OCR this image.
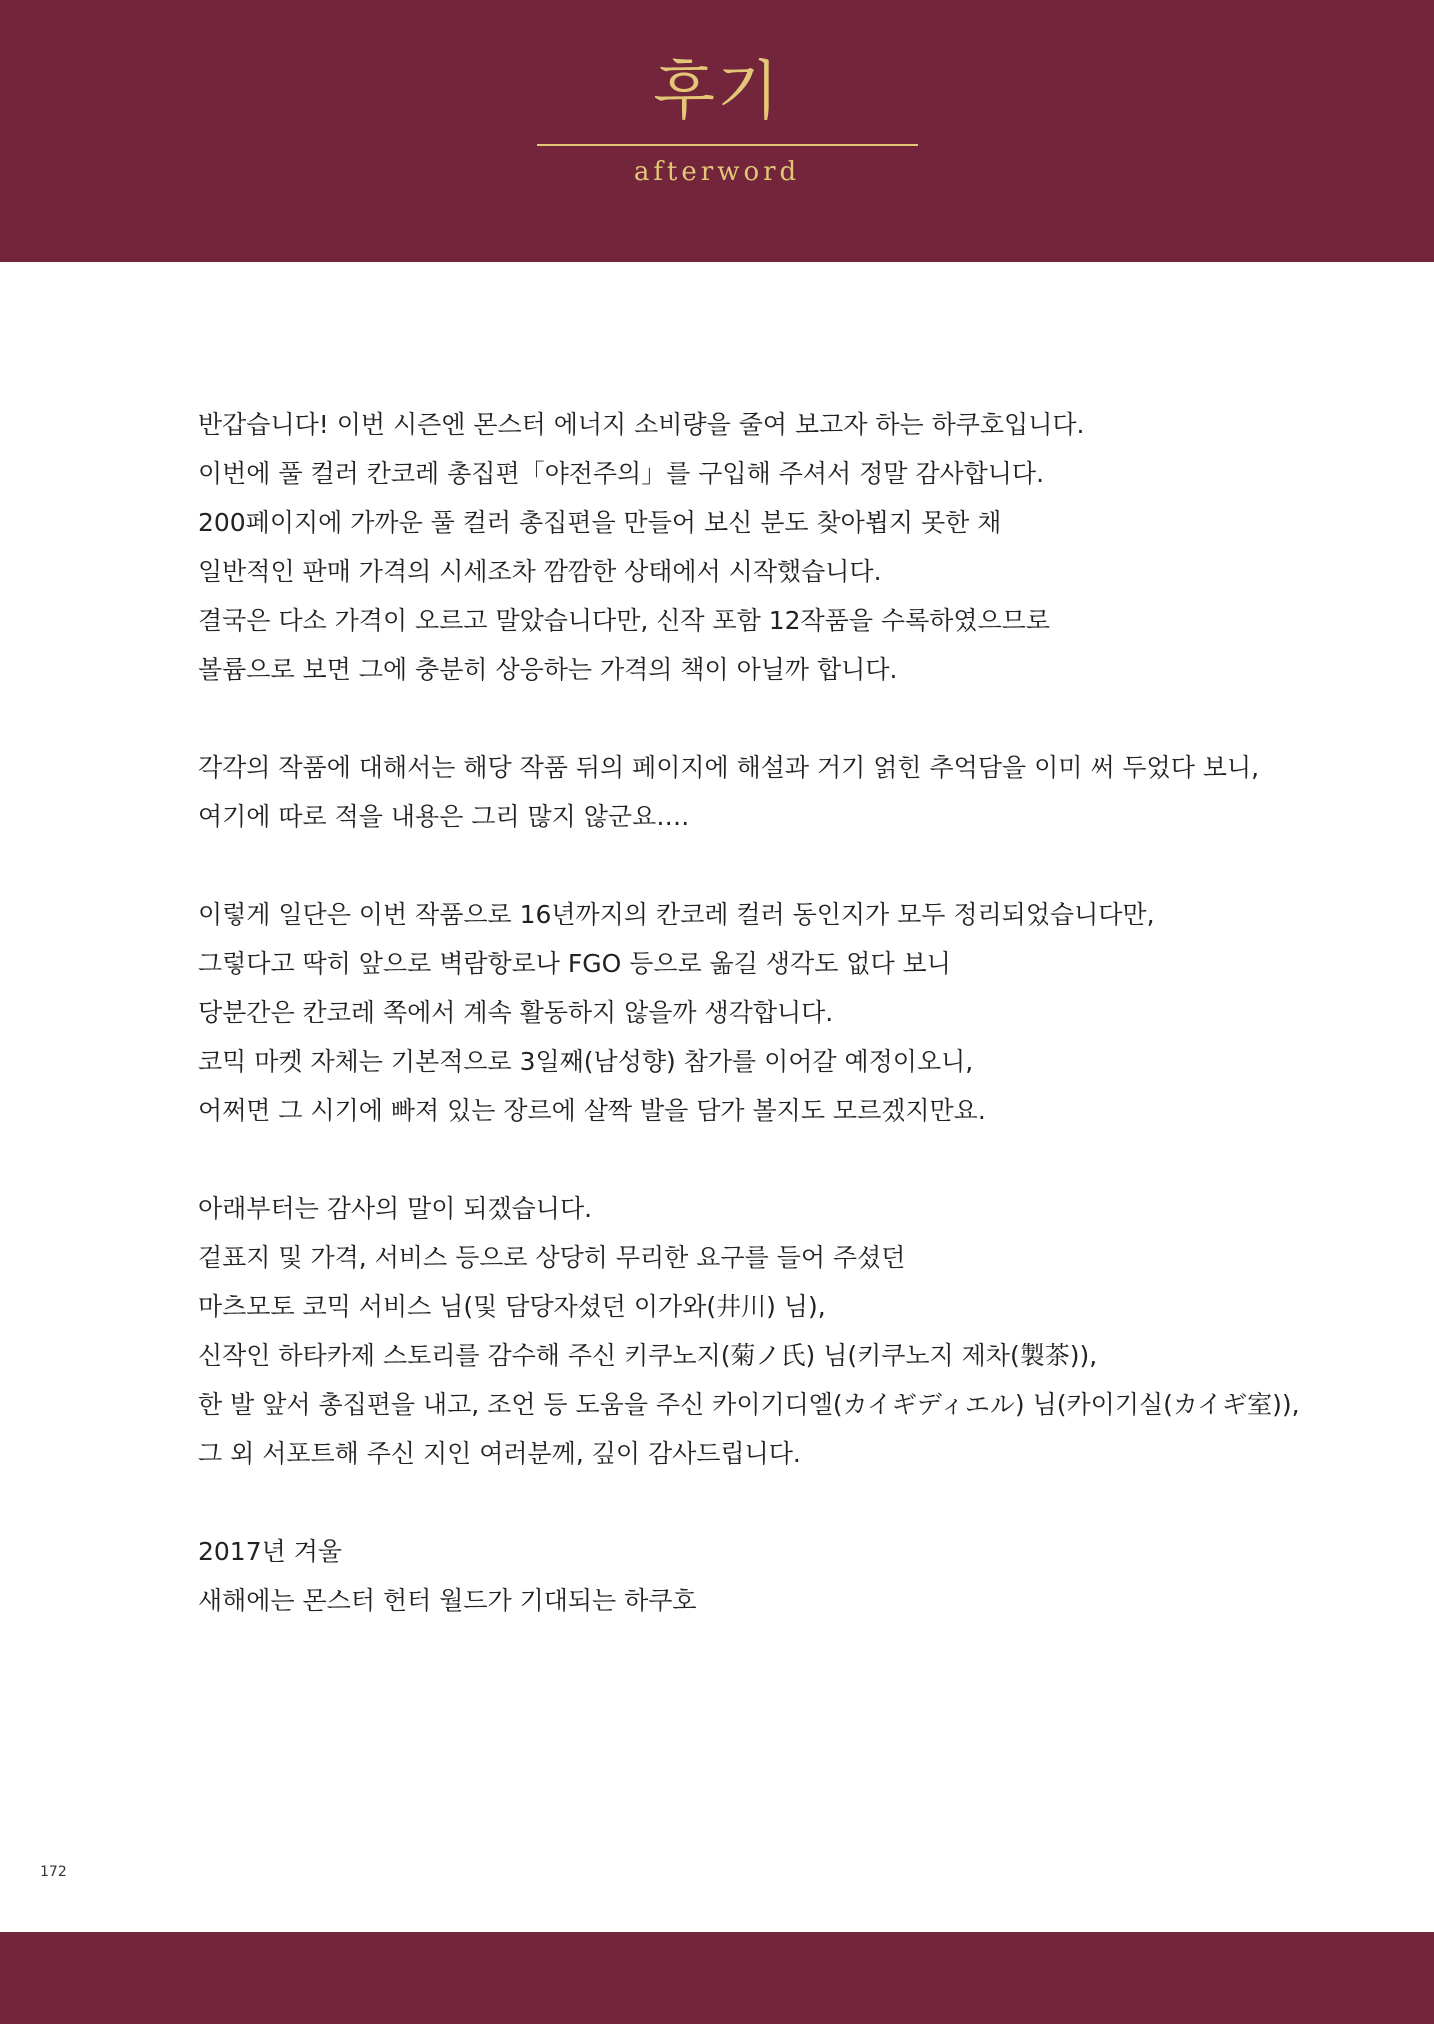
후기
afterword
반갑습니다! 이번 시즌엔 몬스터 에너지 소비량을 줄여 보고자 하는 하쿠호입니다.
이번에 풀 컬러 칸코레 총집편「야전주의」를 구입해 주셔서 정말 감사합니다.
200페이지에 가까운 풀 컬러 총집편을 만들어 보신 분도 찾아뵙지 못한 채
일반적인 판매 가격의 시세조차 깜깜한 상태에서 시작했습니다.
결국은 다소 가격이 오르고 말았습니다만, 신작 포함 12작품을 수록하였으므로
볼륨으로 보면 그에 충분히 상응하는 가격의 책이 아닐까 합니다.
각각의 작품에 대해서는 해당 작품 뒤의 페이지에 해설과 거기 얽힌 추억담을 이미 써 두었다 보니,
여기에 따로 적을 내용은 그리 많지 않군요….
이렇게 일단은 이번 작품으로 16년까지의 칸코레 컬러 동인지가 모두 정리되었습니다만,
그렇다고 딱히 앞으로 벽람항로나 FGO 등으로 옮길 생각도 없다 보니
당분간은 칸코레 쪽에서 계속 활동하지 않을까 생각합니다.
코믹 마켓 자체는 기본적으로 3일째(남성향) 참가를 이어갈 예정이오니,
어쩌면 그 시기에 빠져 있는 장르에 살짝 발을 담가 볼지도 모르겠지만요.
아래부터는 감사의 말이 되겠습니다.
겉표지 및 가격, 서비스 등으로 상당히 무리한 요구를 들어 주셨던
마츠모토 코믹 서비스 님(및 담당자셨던 이가와(井川) 님),
신작인 하타카제 스토리를 감수해 주신 키쿠노지(菊ノ氏) 님(키쿠노지 제차(製茶)),
한 발 앞서 총집편을 내고, 조언 등 도움을 주신 카이기디엘(カイギディエル) 님(카이기실(カイギ室)),
그 외 서포트해 주신 지인 여러분께, 깊이 감사드립니다.
2017년 겨울
새해에는 몬스터 헌터 월드가 기대되는 하쿠호
172
